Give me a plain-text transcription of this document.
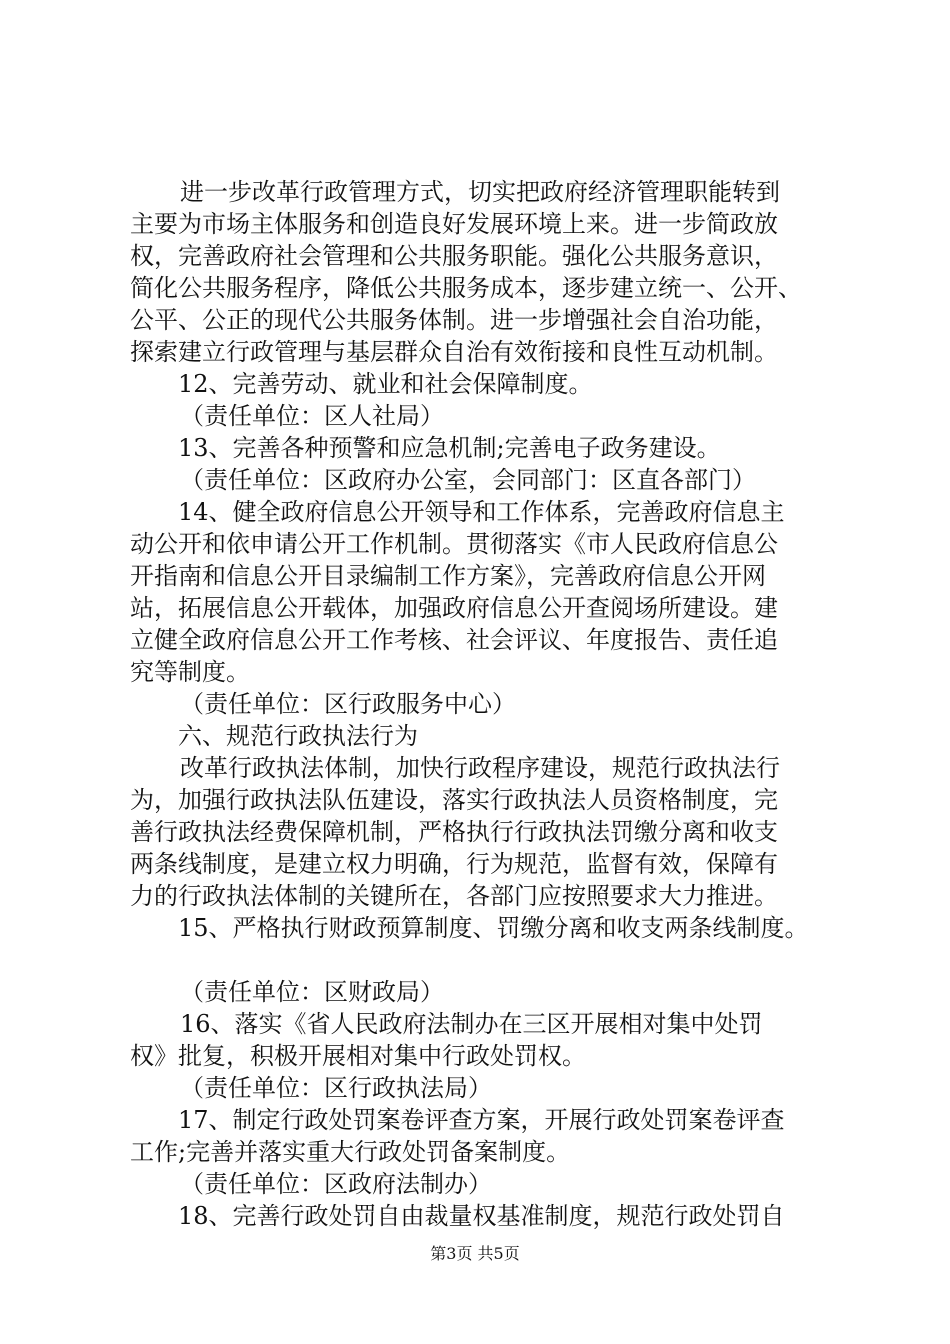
进一步改革行政管理方式，切实把政府经济管理职能转到
主要为市场主体服务和创造良好发展环境上来。进一步简政放
权，完善政府社会管理和公共服务职能。强化公共服务意识，
简化公共服务程序，降低公共服务成本，逐步建立统一、公开、
公平、公正的现代公共服务体制。进一步增强社会自治功能，
探索建立行政管理与基层群众自治有效衔接和良性互动机制。
12、完善劳动、就业和社会保障制度。
（责任单位：区人社局）
13、完善各种预警和应急机制;完善电子政务建设。
（责任单位：区政府办公室，会同部门：区直各部门）
14、健全政府信息公开领导和工作体系，完善政府信息主
动公开和依申请公开工作机制。贯彻落实《市人民政府信息公
开指南和信息公开目录编制工作方案》，完善政府信息公开网
站，拓展信息公开载体，加强政府信息公开查阅场所建设。建
立健全政府信息公开工作考核、社会评议、年度报告、责任追
究等制度。
（责任单位：区行政服务中心）
六、规范行政执法行为
改革行政执法体制，加快行政程序建设，规范行政执法行
为，加强行政执法队伍建设，落实行政执法人员资格制度，完
善行政执法经费保障机制，严格执行行政执法罚缴分离和收支
两条线制度，是建立权力明确，行为规范，监督有效，保障有
力的行政执法体制的关键所在，各部门应按照要求大力推进。
15、严格执行财政预算制度、罚缴分离和收支两条线制度。
（责任单位：区财政局）
16、落实《省人民政府法制办在三区开展相对集中处罚
权》批复，积极开展相对集中行政处罚权。
（责任单位：区行政执法局）
17、制定行政处罚案卷评查方案，开展行政处罚案卷评查
工作;完善并落实重大行政处罚备案制度。
（责任单位：区政府法制办）
18、完善行政处罚自由裁量权基准制度，规范行政处罚自
第3页 共5页
